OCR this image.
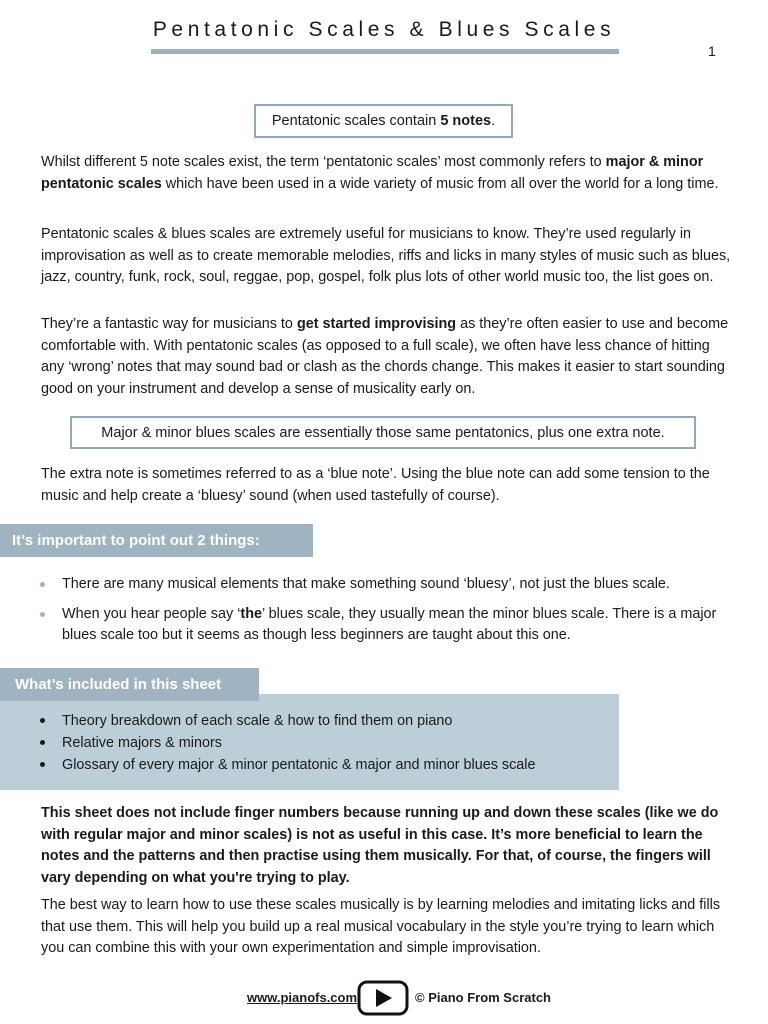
Pentatonic Scales & Blues Scales
1
Pentatonic scales contain 5 notes.

Whilst different 5 note scales exist, the term ‘pentatonic scales’ most commonly refers to major & minor pentatonic scales which have been used in a wide variety of music from all over the world for a long time.

Pentatonic scales & blues scales are extremely useful for musicians to know. They’re used regularly in improvisation as well as to create memorable melodies, riffs and licks in many styles of music such as blues, jazz, country, funk, rock, soul, reggae, pop, gospel, folk plus lots of other world music too, the list goes on.

They’re a fantastic way for musicians to get started improvising as they’re often easier to use and become comfortable with. With pentatonic scales (as opposed to a full scale), we often have less chance of hitting any ‘wrong’ notes that may sound bad or clash as the chords change. This makes it easier to start sounding good on your instrument and develop a sense of musicality early on.

Major & minor blues scales are essentially those same pentatonics, plus one extra note.

The extra note is sometimes referred to as a ‘blue note’. Using the blue note can add some tension to the music and help create a ‘bluesy’ sound (when used tastefully of course).

It’s important to point out 2 things:
There are many musical elements that make something sound ‘bluesy’, not just the blues scale.
When you hear people say ‘the’ blues scale, they usually mean the minor blues scale. There is a major blues scale too but it seems as though less beginners are taught about this one.
What’s included in this sheet
Theory breakdown of each scale & how to find them on piano
Relative majors & minors
Glossary of every major & minor pentatonic & major and minor blues scale

This sheet does not include finger numbers because running up and down these scales (like we do with regular major and minor scales) is not as useful in this case. It’s more beneficial to learn the notes and the patterns and then practise using them musically. For that, of course, the fingers will vary depending on what you're trying to play.

The best way to learn how to use these scales musically is by learning melodies and imitating licks and fills that use them. This will help you build up a real musical vocabulary in the style you’re trying to learn which you can combine this with your own experimentation and simple improvisation.

www.pianofs.com	© Piano From Scratch
